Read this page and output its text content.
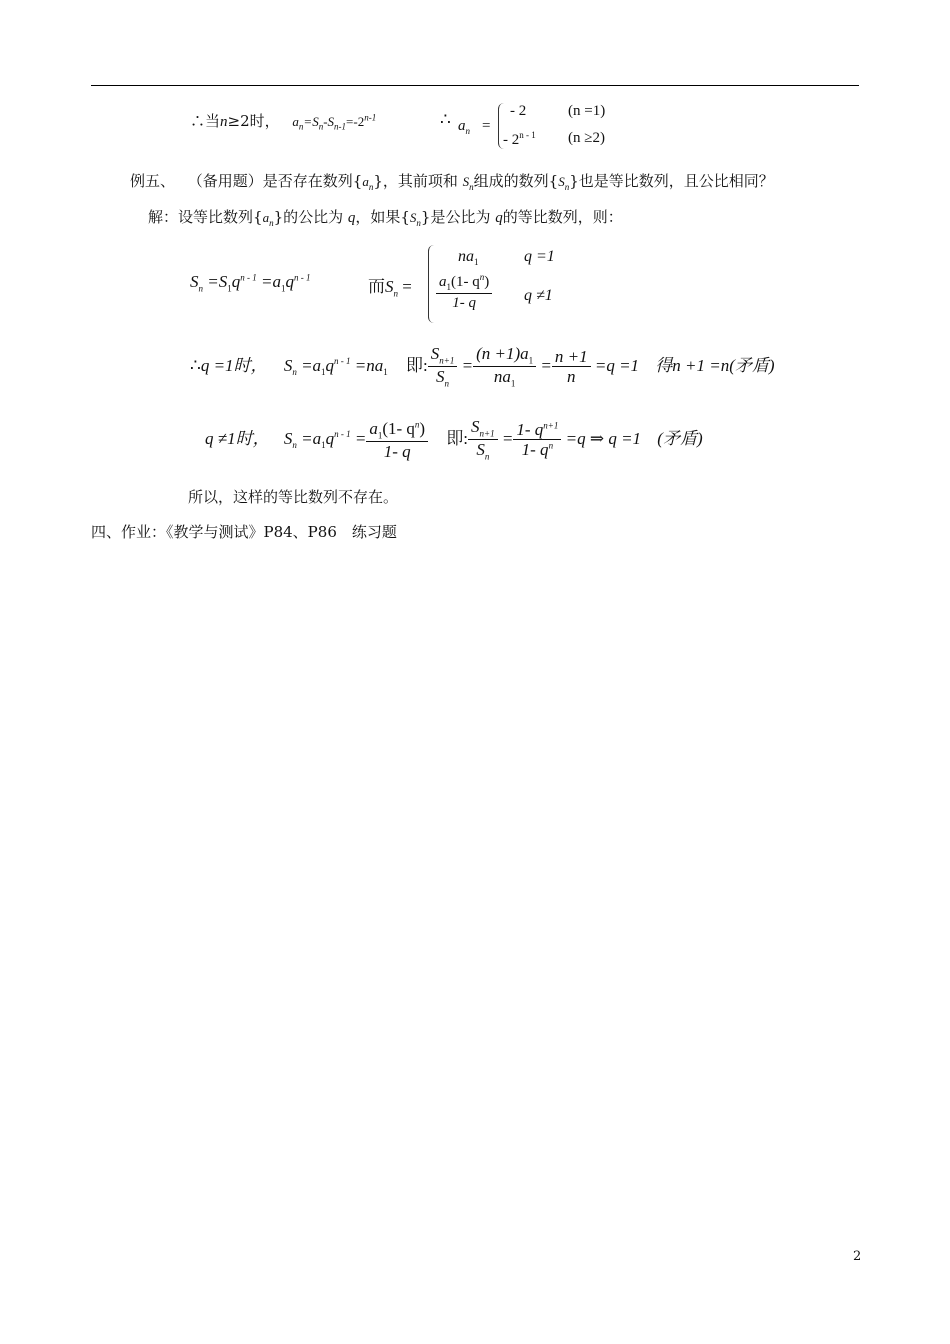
∴当n≥2时， $a_n=S_n-S_{n-1}=-2^{n-1}$	∴ $a_n$ =
- 2	(n =1)
- 2$^{n - 1}$ (n ≥2)
例五、 （备用题）是否存在数列$\{a_n\}$，其前项和 $S_n$组成的数列$\{S_n\}$也是等比数列，且公比相同？
解：设等比数列$\{a_n\}$的公比为 q，如果$\{S_n\}$是公比为 q的等比数列，则：
$S_n =S_1q^{n - 1} =a_1q^{n - 1}$	而$S_n$ =
$na_1$	q =1
$\frac{a_1(1- q^n)}{1- q}$ q ≠1
∴q =1时， $S_n =a_1q^{n - 1} =na_1$ 即: $\frac{S_{n+1}}{S_n} = \frac{(n +1)a_1}{na_1} = \frac{n +1}{n} =q =1$ 得n +1 =n(矛盾)
q ≠1时， $S_n =a_1q^{n - 1} = \frac{a_1(1- q^n)}{1- q}$ 即: $\frac{S_{n+1}}{S_n} = \frac{1- q^{n+1}}{1- q^n} =q$ ⇒ q =1 (矛盾)
所以，这样的等比数列不存在。
四、作业：《教学与测试》P84、P86　练习题
2
